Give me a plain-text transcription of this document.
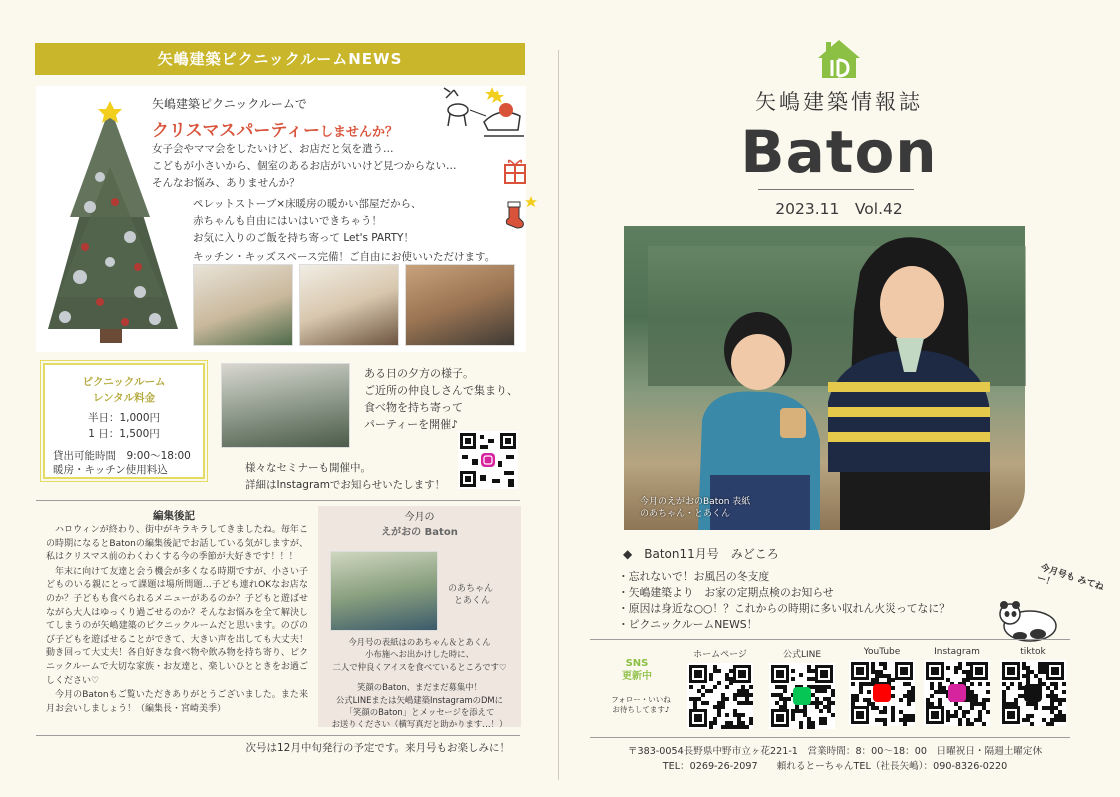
矢嶋建築ピクニックルームNEWS
矢嶋建築ピクニックルームで
クリスマスパーティーしませんか？
女子会やママ会をしたいけど、お店だと気を遣う…
こどもが小さいから、個室のあるお店がいいけど見つからない…
そんなお悩み、ありませんか？
ペレットストーブ×床暖房の暖かい部屋だから、
赤ちゃんも自由にはいはいできちゃう！
お気に入りのご飯を持ち寄って Let's PARTY！
キッチン・キッズスペース完備！ご自由にお使いいただけます。
ピクニックルーム
レンタル料金
半日：1,000円
1 日：1,500円
貸出可能時間　9:00～18:00
暖房・キッチン使用料込
ある日の夕方の様子。
ご近所の仲良しさんで集まり、
食べ物を持ち寄って
パーティーを開催♪
様々なセミナーも開催中。
詳細はInstagramでお知らせいたします！
編集後記

ハロウィンが終わり、街中がキラキラしてきましたね。毎年この時期になるとBatonの編集後記でお話している気がしますが、私はクリスマス前のわくわくする今の季節が大好きです！！！

年末に向けて友達と会う機会が多くなる時期ですが、小さい子どものいる親にとって課題は場所問題…子ども連れOKなお店なのか？子どもも食べられるメニューがあるのか？子どもと遊ばせながら大人はゆっくり過ごせるのか？そんなお悩みを全て解決してしまうのが矢嶋建築のピクニックルームだと思います。のびのび子どもを遊ばせることができて、大きい声を出しても大丈夫！動き回って大丈夫！各自好きな食べ物や飲み物を持ち寄り、ピクニックルームで大切な家族・お友達と、楽しいひとときをお過ごしください♡

今月のBatonもご覧いただきありがとうございました。また来月お会いしましょう！（編集長・宮崎美季）

今月の
えがおの Baton
のあちゃん
とあくん
今月号の表紙はのあちゃん＆とあくん
小布施へお出かけした時に、
二人で仲良くアイスを食べているところです♡
笑顔のBaton、まだまだ募集中！
公式LINEまたは矢嶋建築InstagramのDMに
「笑顔のBaton」とメッセージを添えて
お送りください（横写真だと助かります…！）
次号は12月中旬発行の予定です。来月号もお楽しみに！
矢嶋建築情報誌
Baton
2023.11　Vol.42
今月のえがおのBaton 表紙
のあちゃん・とあくん
◆　Baton11月号　みどころ
・忘れないで！お風呂の冬支度
・矢嶋建築より　お家の定期点検のお知らせ
・原因は身近な○○！？これからの時期に多い収れん火災ってなに？
・ピクニックルームNEWS！
今月号も みてねー！
SNS
更新中
フォロー・いいね
お待ちしてます♪
ホームページ	公式LINE	YouTube	Instagram	tiktok
〒383-0054長野県中野市立ヶ花221-1　営業時間：8：00～18：00　日曜祝日・隔週土曜定休
TEL：0269-26-2097　　頼れるとーちゃんTEL（社長矢嶋）：090-8326-0220
